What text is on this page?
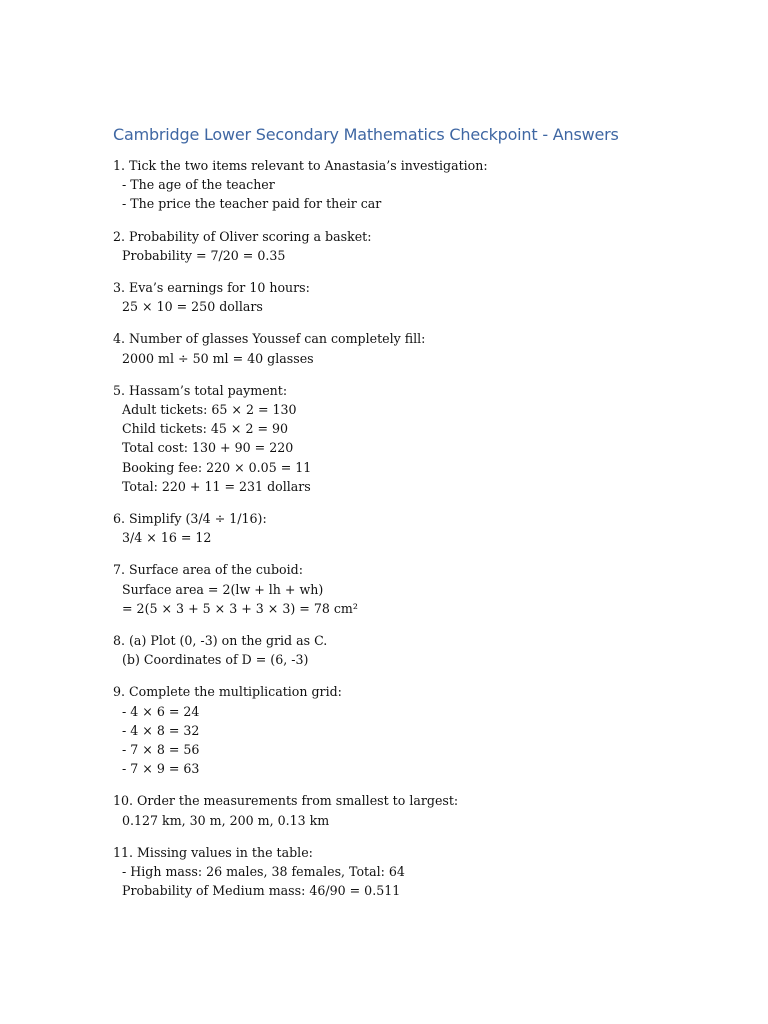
Cambridge Lower Secondary Mathematics Checkpoint - Answers
1. Tick the two items relevant to Anastasia’s investigation:
- The age of the teacher
- The price the teacher paid for their car
2. Probability of Oliver scoring a basket:
Probability = 7/20 = 0.35
3. Eva’s earnings for 10 hours:
25 × 10 = 250 dollars
4. Number of glasses Youssef can completely fill:
2000 ml ÷ 50 ml = 40 glasses
5. Hassam’s total payment:
Adult tickets: 65 × 2 = 130
Child tickets: 45 × 2 = 90
Total cost: 130 + 90 = 220
Booking fee: 220 × 0.05 = 11
Total: 220 + 11 = 231 dollars
6. Simplify (3/4 ÷ 1/16):
3/4 × 16 = 12
7. Surface area of the cuboid:
Surface area = 2(lw + lh + wh)
= 2(5 × 3 + 5 × 3 + 3 × 3) = 78 cm²
8. (a) Plot (0, -3) on the grid as C.
(b) Coordinates of D = (6, -3)
9. Complete the multiplication grid:
- 4 × 6 = 24
- 4 × 8 = 32
- 7 × 8 = 56
- 7 × 9 = 63
10. Order the measurements from smallest to largest:
0.127 km, 30 m, 200 m, 0.13 km
11. Missing values in the table:
- High mass: 26 males, 38 females, Total: 64
Probability of Medium mass: 46/90 = 0.511
